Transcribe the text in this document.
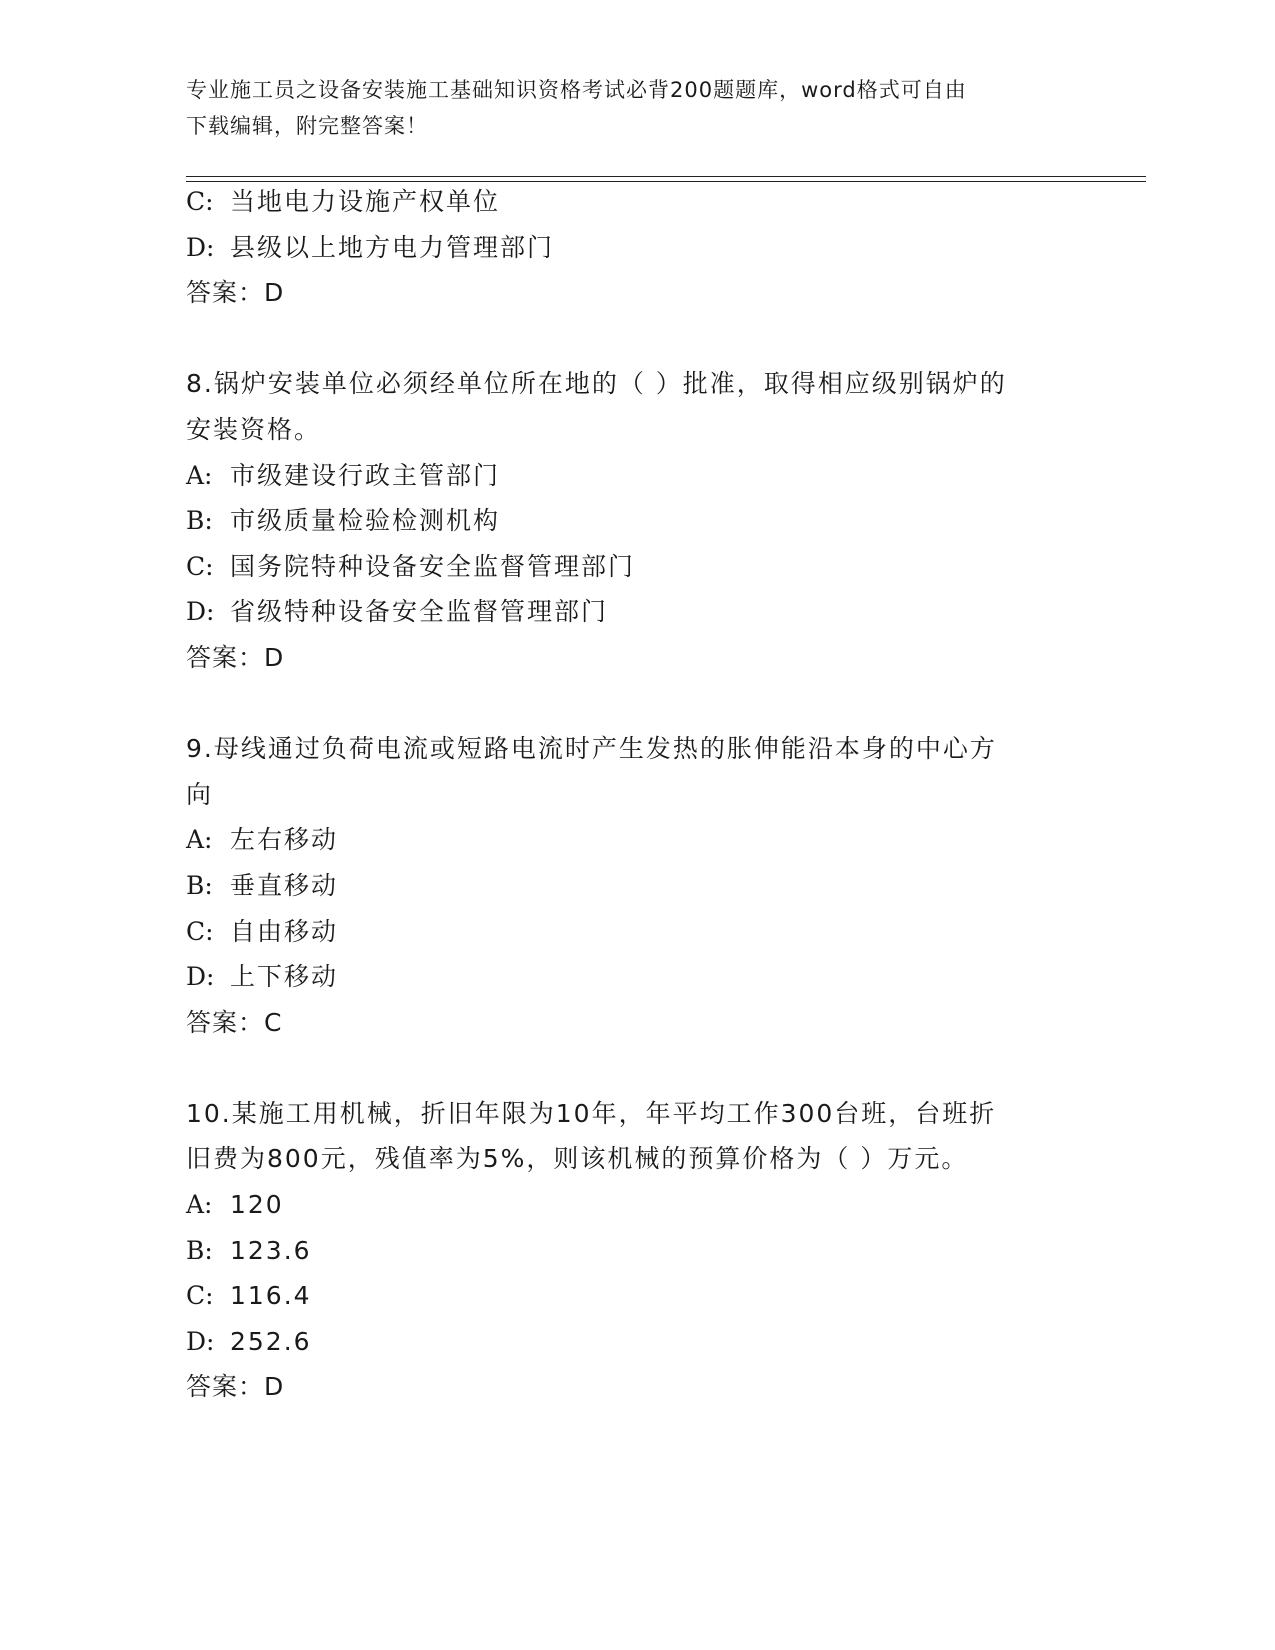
专业施工员之设备安装施工基础知识资格考试必背200题题库，word格式可自由
下载编辑，附完整答案！
C: 当地电力设施产权单位
D: 县级以上地方电力管理部门
答案：D
8.锅炉安装单位必须经单位所在地的（ ）批准，取得相应级别锅炉的
安装资格。
A: 市级建设行政主管部门
B: 市级质量检验检测机构
C: 国务院特种设备安全监督管理部门
D: 省级特种设备安全监督管理部门
答案：D
9.母线通过负荷电流或短路电流时产生发热的胀伸能沿本身的中心方
向
A: 左右移动
B: 垂直移动
C: 自由移动
D: 上下移动
答案：C
10.某施工用机械，折旧年限为10年，年平均工作300台班，台班折
旧费为800元，残值率为5%，则该机械的预算价格为（ ）万元。
A: 120
B: 123.6
C: 116.4
D: 252.6
答案：D
